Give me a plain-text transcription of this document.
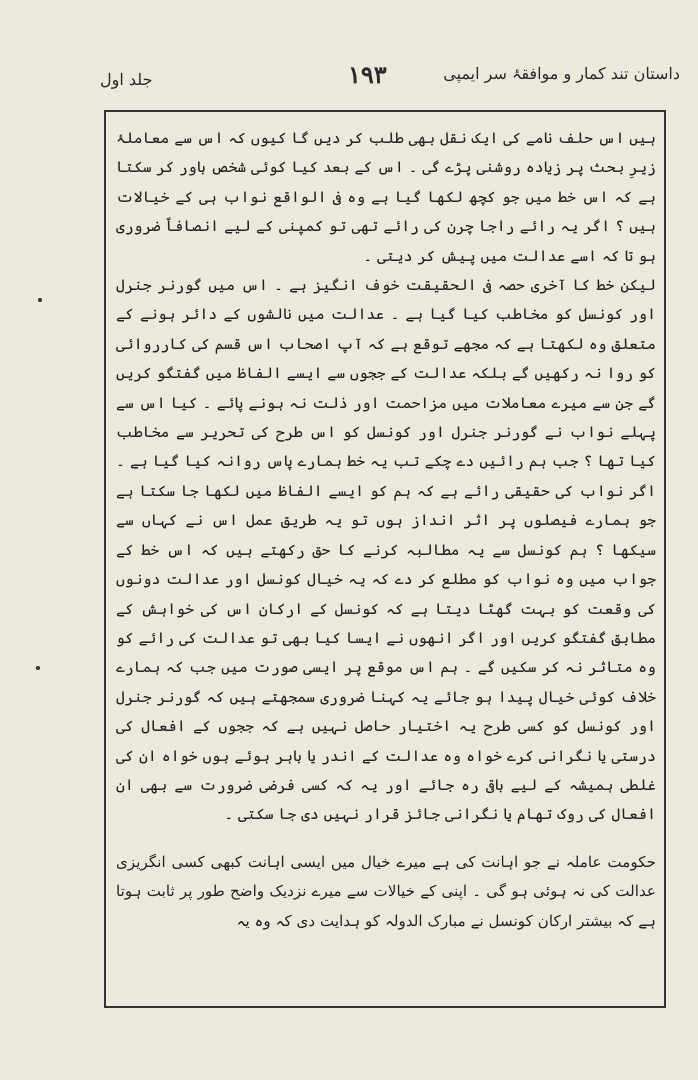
داستان تند کمار و موافقۂ سر ایمپی
۱۹۳
جلد اول

ہیں اس حلف نامے کی ایک نقل بھی طلب کر دیں گا کیوں کہ اس سے معاملۂ زیرِ بحث پر زیادہ روشنی پڑے گی ۔ اس کے بعد کیا کوئی شخص باور کر سکتا ہے کہ اس خط میں جو کچھ لکھا گیا ہے وہ فی الواقع نواب ہی کے خیالات ہیں ؟ اگر یہ رائے راجا چرن کی رائے تھی تو کمپنی کے لیے انصافاً ضروری ہو تا کہ اسے عدالت میں پیش کر دیتی ۔

لیکن خط کا آخری حصہ فی الحقیقت خوف انگیز ہے ۔ اس میں گورنر جنرل اور کونسل کو مخاطب کیا گیا ہے ۔ عدالت میں نالشوں کے دائر ہونے کے متعلق وہ لکھتا ہے کہ مجھے توقع ہے کہ آپ اصحاب اس قسم کی کارروائی کو روا نہ رکھیں گے بلکہ عدالت کے ججوں سے ایسے الفاظ میں گفتگو کریں گے جن سے میرے معاملات میں مزاحمت اور ذلت نہ ہونے پائے ۔ کیا اس سے پہلے نواب نے گورنر جنرل اور کونسل کو اس طرح کی تحریر سے مخاطب کیا تھا ؟ جب ہم رائیں دے چکے تب یہ خط ہمارے پاس روانہ کیا گیا ہے ۔ اگر نواب کی حقیقی رائے ہے کہ ہم کو ایسے الفاظ میں لکھا جا سکتا ہے جو ہمارے فیصلوں پر اثر انداز ہوں تو یہ طریق عمل اس نے کہاں سے سیکھا ؟ ہم کونسل سے یہ مطالبہ کرنے کا حق رکھتے ہیں کہ اس خط کے جواب میں وہ نواب کو مطلع کر دے کہ یہ خیال کونسل اور عدالت دونوں کی وقعت کو بہت گھٹا دیتا ہے کہ کونسل کے ارکان اس کی خواہش کے مطابق گفتگو کریں اور اگر انھوں نے ایسا کیا بھی تو عدالت کی رائے کو وہ متاثر نہ کر سکیں گے ۔ ہم اس موقع پر ایسی صورت میں جب کہ ہمارے خلاف کوئی خیال پیدا ہو جائے یہ کہنا ضروری سمجھتے ہیں کہ گورنر جنرل اور کونسل کو کسی طرح یہ اختیار حاصل نہیں ہے کہ ججوں کے افعال کی درستی یا نگرانی کرے خواہ وہ عدالت کے اندر یا باہر ہوئے ہوں خواہ ان کی غلطی ہمیشہ کے لیے باقی رہ جائے اور یہ کہ کسی فرضی ضرورت سے بھی ان افعال کی روک تھام یا نگرانی جائز قرار نہیں دی جا سکتی ۔

حکومت عاملہ نے جو اہانت کی ہے میرے خیال میں ایسی اہانت کبھی کسی انگریزی عدالت کی نہ ہوئی ہو گی ۔ اپنی کے خیالات سے میرے نزدیک واضح طور پر ثابت ہوتا ہے کہ بیشتر ارکان کونسل نے مبارک الدولہ کو ہدایت دی کہ وہ یہ
